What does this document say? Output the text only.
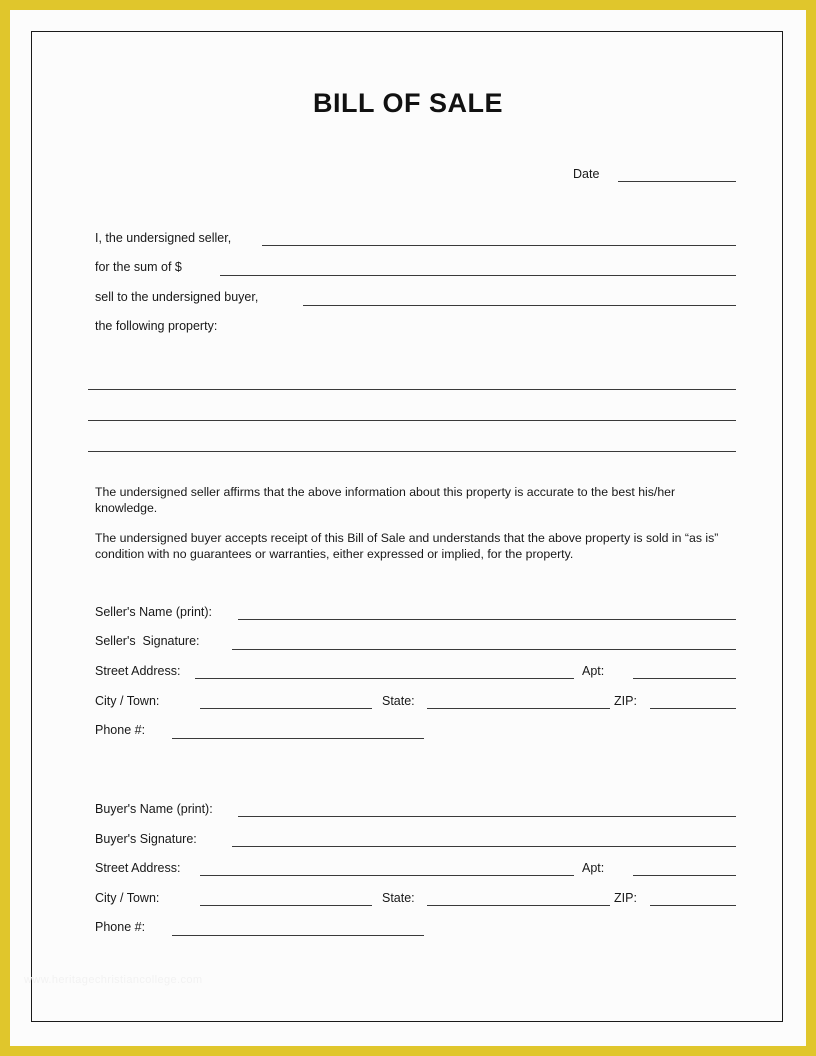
BILL OF SALE
Date
I, the undersigned seller,
for the sum of $
sell to the undersigned buyer,
the following property:
The undersigned seller affirms that the above information about this property is accurate to the best his/her knowledge.
The undersigned buyer accepts receipt of this Bill of Sale and understands that the above property is sold in “as is” condition with no guarantees or warranties, either expressed or implied, for the property.
Seller's Name (print):
Seller's  Signature:
Street Address:	Apt:
City / Town:	State:	ZIP:
Phone #:
Buyer's Name (print):
Buyer's Signature:
Street Address:	Apt:
City / Town:	State:	ZIP:
Phone #:
www.heritagechristiancollege.com
